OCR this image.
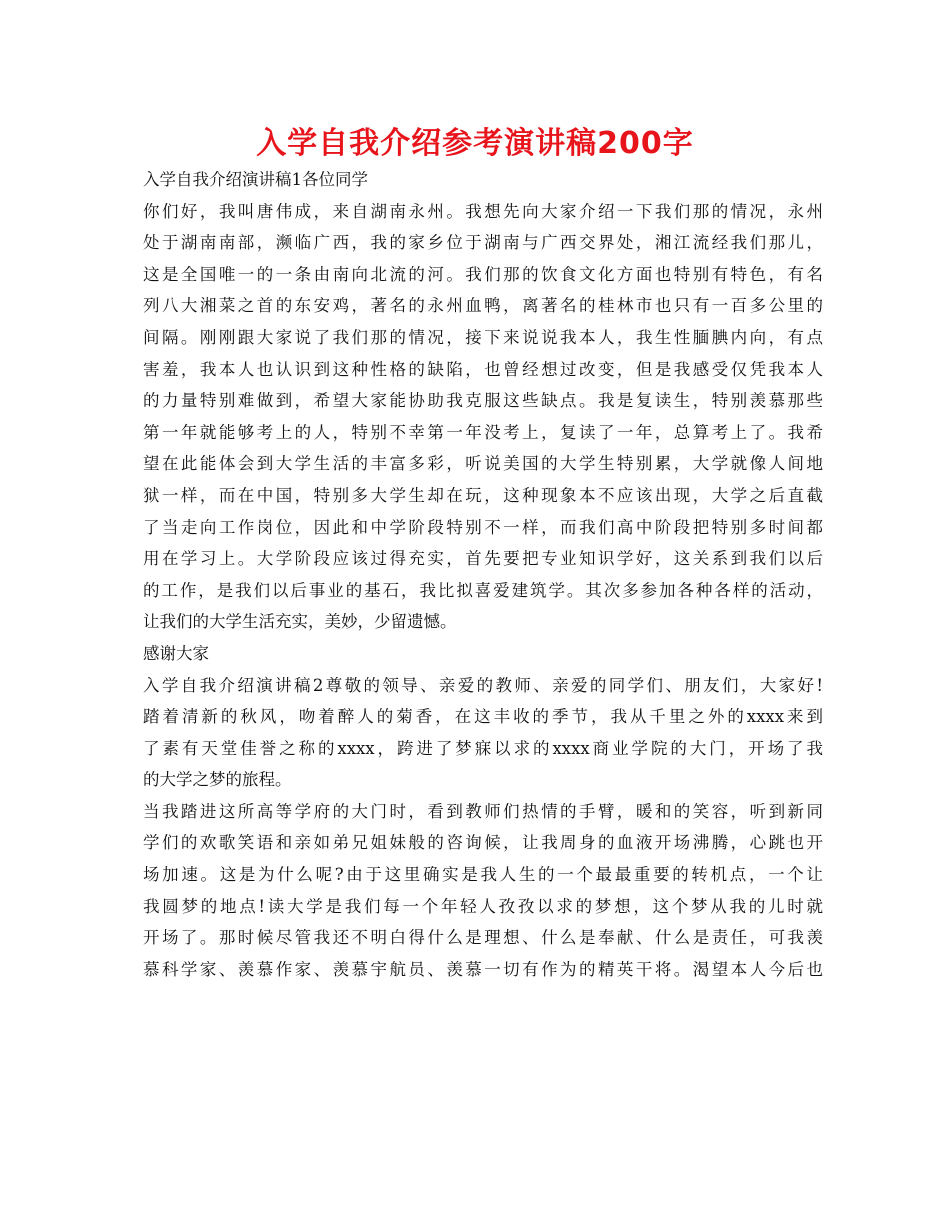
入学自我介绍参考演讲稿200字
入学自我介绍演讲稿1各位同学
你们好，我叫唐伟成，来自湖南永州。我想先向大家介绍一下我们那的情况，永州
处于湖南南部，濒临广西，我的家乡位于湖南与广西交界处，湘江流经我们那儿，
这是全国唯一的一条由南向北流的河。我们那的饮食文化方面也特别有特色，有名
列八大湘菜之首的东安鸡，著名的永州血鸭，离著名的桂林市也只有一百多公里的
间隔。刚刚跟大家说了我们那的情况，接下来说说我本人，我生性腼腆内向，有点
害羞，我本人也认识到这种性格的缺陷，也曾经想过改变，但是我感受仅凭我本人
的力量特别难做到，希望大家能协助我克服这些缺点。我是复读生，特别羡慕那些
第一年就能够考上的人，特别不幸第一年没考上，复读了一年，总算考上了。我希
望在此能体会到大学生活的丰富多彩，听说美国的大学生特别累，大学就像人间地
狱一样，而在中国，特别多大学生却在玩，这种现象本不应该出现，大学之后直截
了当走向工作岗位，因此和中学阶段特别不一样，而我们高中阶段把特别多时间都
用在学习上。大学阶段应该过得充实，首先要把专业知识学好，这关系到我们以后
的工作，是我们以后事业的基石，我比拟喜爱建筑学。其次多参加各种各样的活动，
让我们的大学生活充实，美妙，少留遗憾。
感谢大家
入学自我介绍演讲稿2尊敬的领导、亲爱的教师、亲爱的同学们、朋友们，大家好!
踏着清新的秋风，吻着醉人的菊香，在这丰收的季节，我从千里之外的xxxx来到
了素有天堂佳誉之称的xxxx，跨进了梦寐以求的xxxx商业学院的大门，开场了我
的大学之梦的旅程。
当我踏进这所高等学府的大门时，看到教师们热情的手臂，暖和的笑容，听到新同
学们的欢歌笑语和亲如弟兄姐妹般的咨询候，让我周身的血液开场沸腾，心跳也开
场加速。这是为什么呢?由于这里确实是我人生的一个最最重要的转机点，一个让
我圆梦的地点!读大学是我们每一个年轻人孜孜以求的梦想，这个梦从我的儿时就
开场了。那时候尽管我还不明白得什么是理想、什么是奉献、什么是责任，可我羡
慕科学家、羡慕作家、羡慕宇航员、羡慕一切有作为的精英干将。渴望本人今后也
